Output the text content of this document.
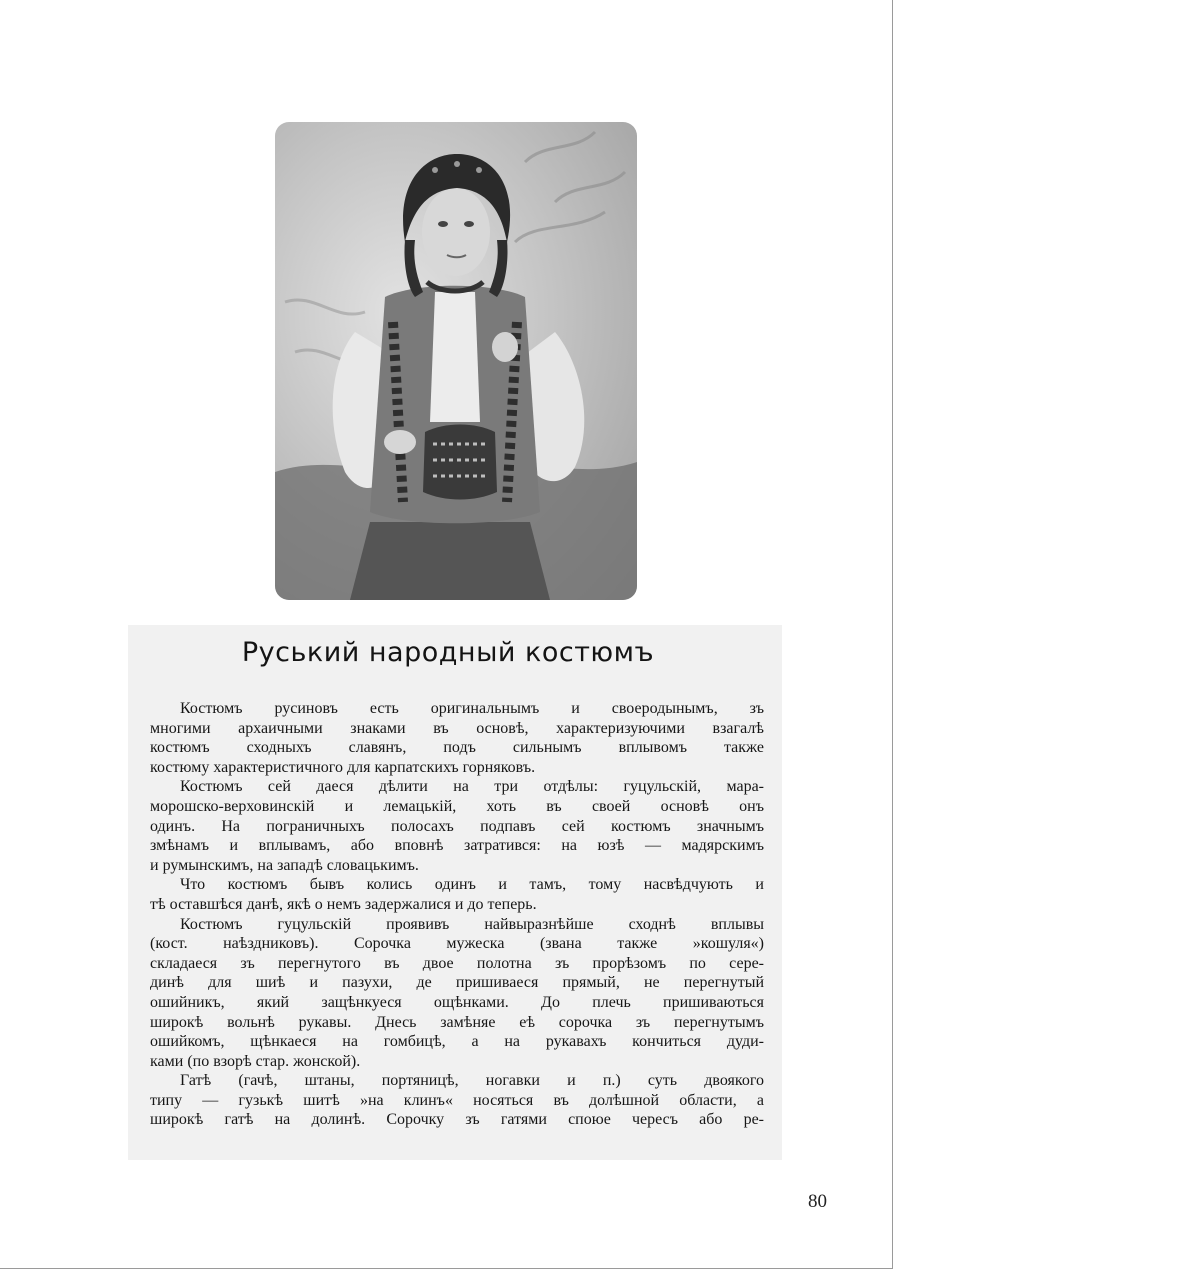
Руський народный костюмъ
Костюмъ русиновъ есть оригинальнымъ и своеродынымъ, зъ
многими архаичными знаками въ основѣ, характеризуючими взагалѣ
костюмъ сходныхъ славянъ, подъ сильнымъ вплывомъ также
костюму характеристичного для карпатскихъ горняковъ.
Костюмъ сей даеся дѣлити на три отдѣлы: гуцульскій, мара-
морошско-верховинскій и лемацькій, хоть въ своей основѣ онъ
одинъ. На пограничныхъ полосахъ подпавъ сей костюмъ значнымъ
змѣнамъ и вплывамъ, або вповнѣ затратився: на юзѣ — мадярскимъ
и румынскимъ, на западѣ словацькимъ.
Что костюмъ бывъ колись одинъ и тамъ, тому насвѣдчують и
тѣ оставшѣся данѣ, якѣ о немъ задержалися и до теперь.
Костюмъ гуцульскій проявивъ найвыразнѣйше сходнѣ вплывы
(кост. наѣздниковъ). Сорочка мужеска (звана также »кошуля«)
складаеся зъ перегнутого въ двое полотна зъ прорѣзомъ по сере-
динѣ для шиѣ и пазухи, де пришиваеся прямый, не перегнутый
ошийникъ, який защѣнкуеся ощѣнками. До плечь пришиваються
широкѣ вольнѣ рукавы. Днесь замѣняе еѣ сорочка зъ перегнутымъ
ошийкомъ, щѣнкаеся на гомбицѣ, а на рукавахъ кончиться дуди-
ками (по взорѣ стар. жонской).
Гатѣ (гачѣ, штаны, портяницѣ, ногавки и п.) суть двоякого
типу — гузькѣ шитѣ »на клинъ« носяться въ долѣшной области, а
широкѣ гатѣ на долинѣ. Сорочку зъ гатями споюе чересъ або ре-
80
